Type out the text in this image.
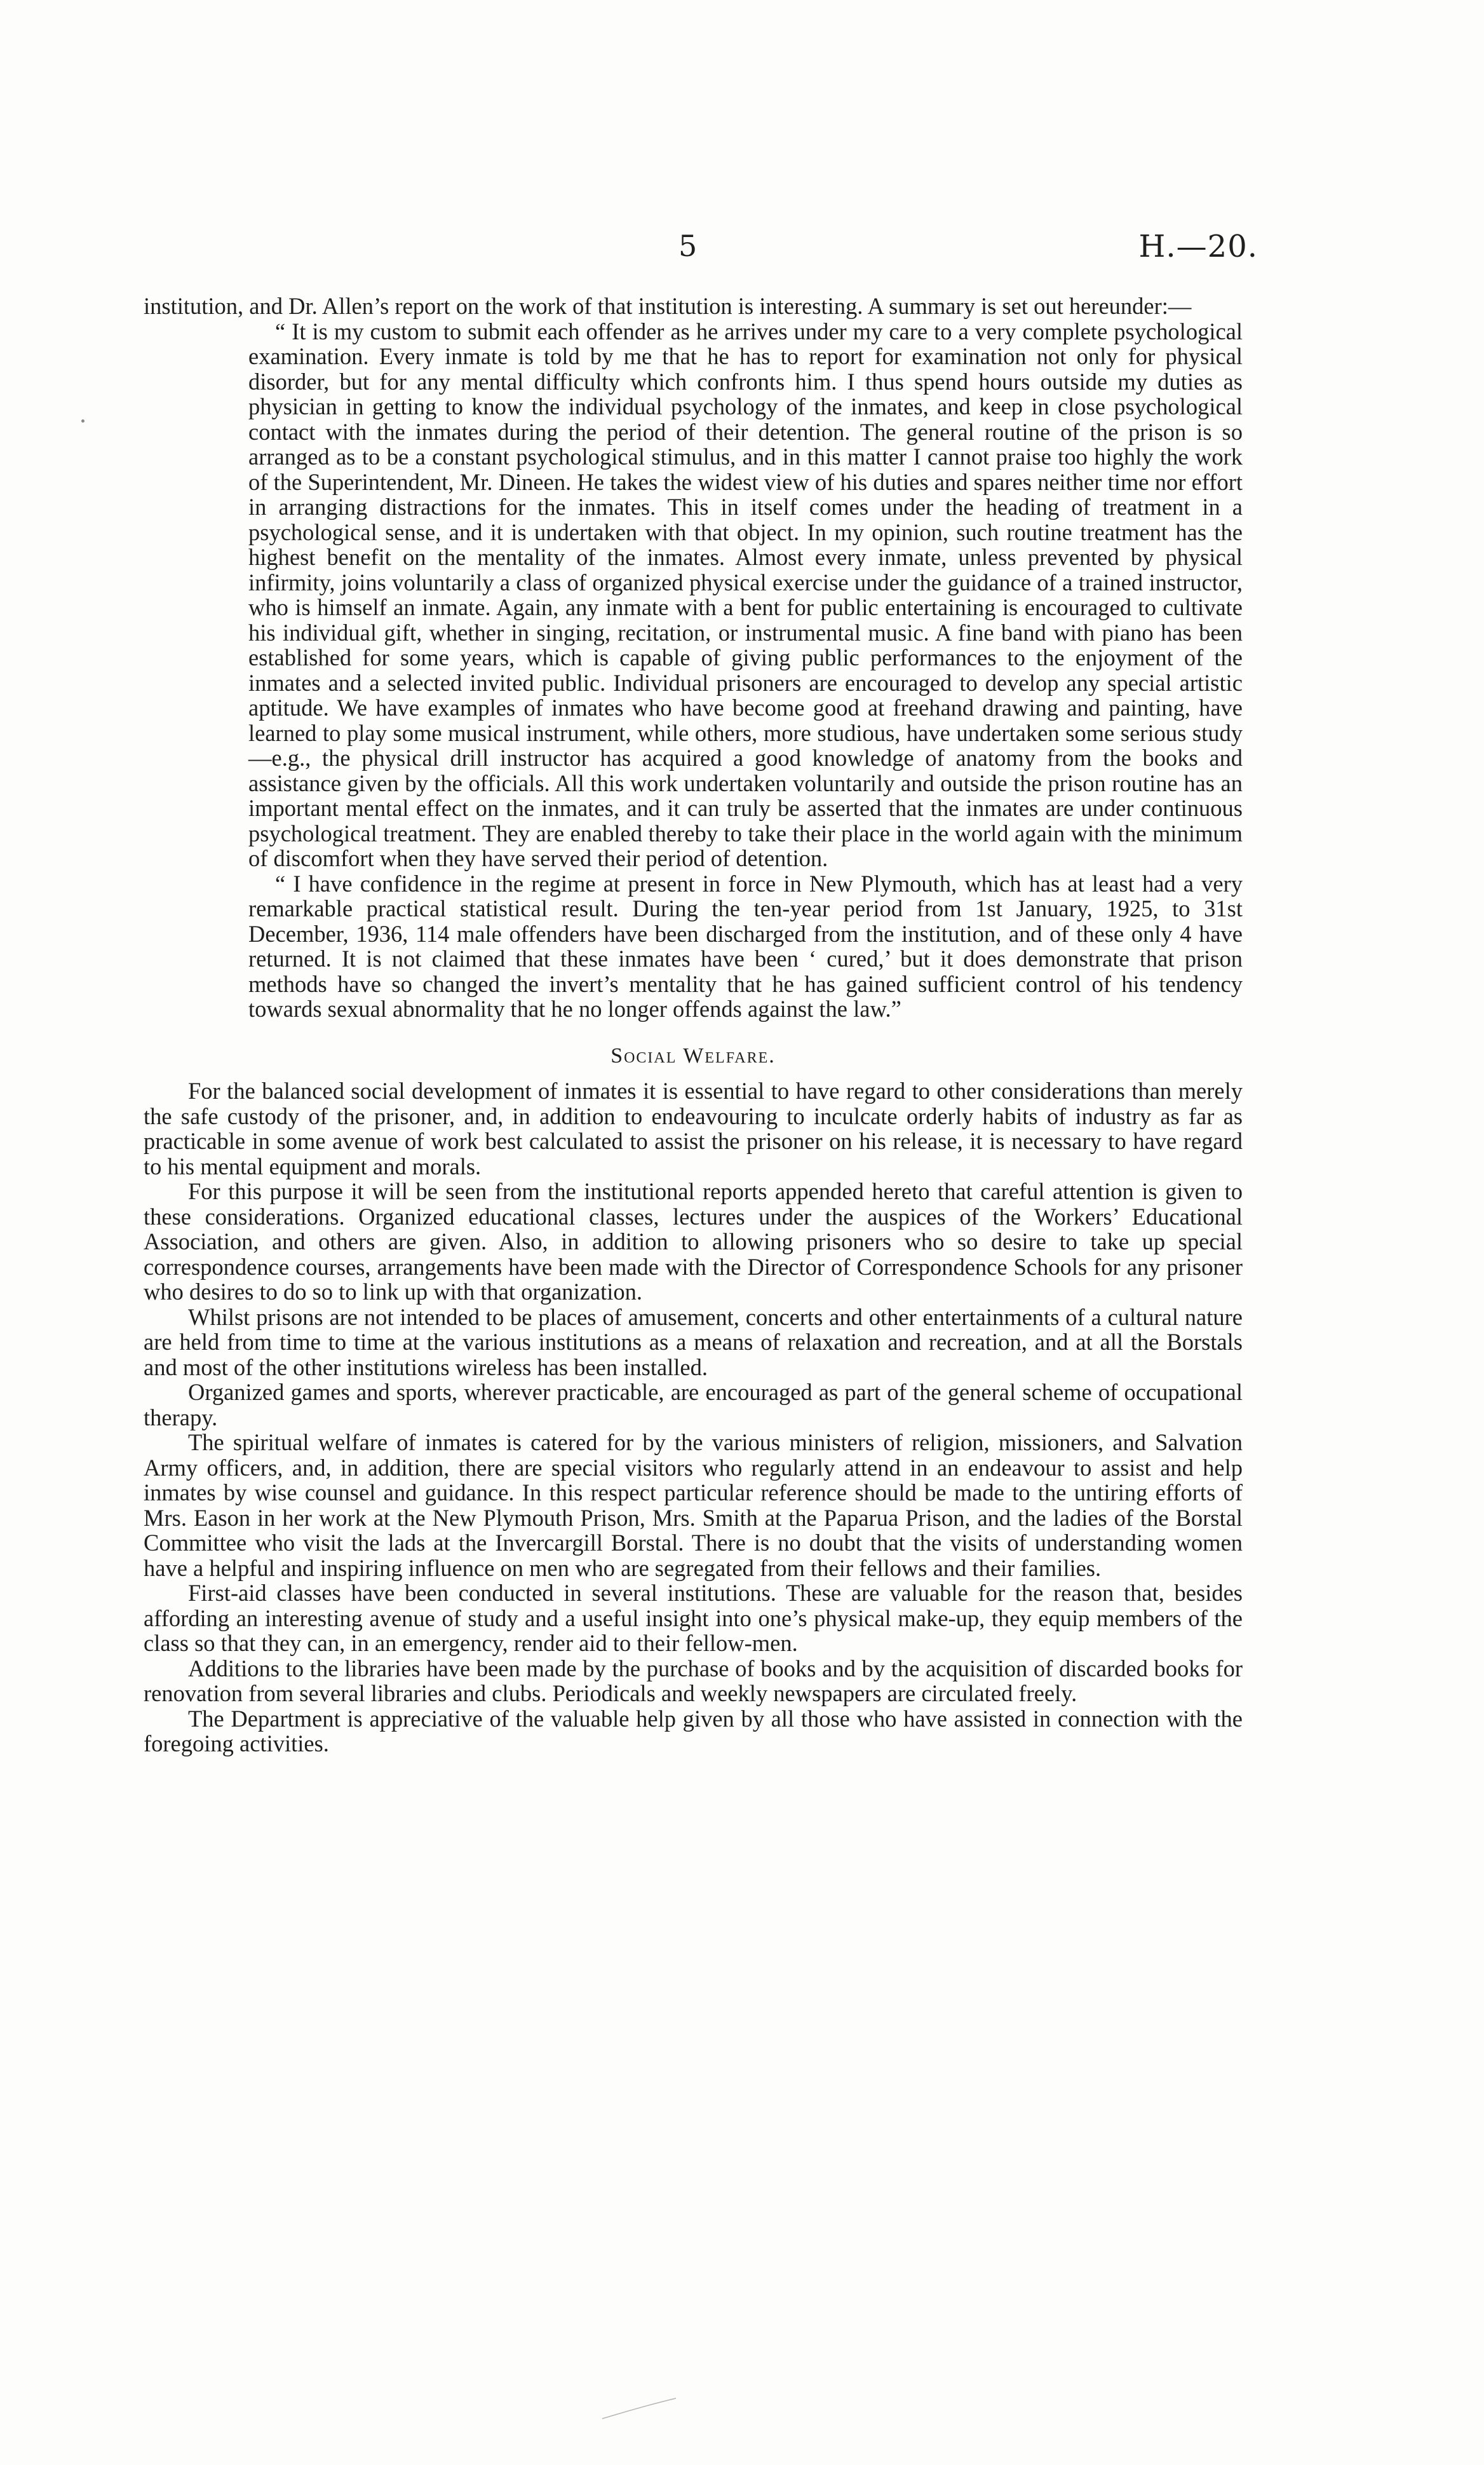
5	H.—20.

institution, and Dr. Allen’s report on the work of that institution is interesting. A summary is set out hereunder:—

“ It is my custom to submit each offender as he arrives under my care to a very complete psychological examination. Every inmate is told by me that he has to report for examination not only for physical disorder, but for any mental difficulty which confronts him. I thus spend hours outside my duties as physician in getting to know the individual psychology of the inmates, and keep in close psychological contact with the inmates during the period of their detention. The general routine of the prison is so arranged as to be a constant psychological stimulus, and in this matter I cannot praise too highly the work of the Superintendent, Mr. Dineen. He takes the widest view of his duties and spares neither time nor effort in arranging distractions for the inmates. This in itself comes under the heading of treatment in a psychological sense, and it is undertaken with that object. In my opinion, such routine treatment has the highest benefit on the mentality of the inmates. Almost every inmate, unless prevented by physical infirmity, joins voluntarily a class of organized physical exercise under the guidance of a trained instructor, who is himself an inmate. Again, any inmate with a bent for public entertaining is encouraged to cultivate his individual gift, whether in singing, recitation, or instrumental music. A fine band with piano has been established for some years, which is capable of giving public performances to the enjoyment of the inmates and a selected invited public. Individual prisoners are encouraged to develop any special artistic aptitude. We have examples of inmates who have become good at freehand drawing and painting, have learned to play some musical instrument, while others, more studious, have undertaken some serious study—e.g., the physical drill instructor has acquired a good knowledge of anatomy from the books and assistance given by the officials. All this work undertaken voluntarily and outside the prison routine has an important mental effect on the inmates, and it can truly be asserted that the inmates are under continuous psychological treatment. They are enabled thereby to take their place in the world again with the minimum of discomfort when they have served their period of detention.

“ I have confidence in the regime at present in force in New Plymouth, which has at least had a very remarkable practical statistical result. During the ten-year period from 1st January, 1925, to 31st December, 1936, 114 male offenders have been discharged from the institution, and of these only 4 have returned. It is not claimed that these inmates have been ‘ cured,’ but it does demonstrate that prison methods have so changed the invert’s mentality that he has gained sufficient control of his tendency towards sexual abnormality that he no longer offends against the law.”

Social Welfare.

For the balanced social development of inmates it is essential to have regard to other considerations than merely the safe custody of the prisoner, and, in addition to endeavouring to inculcate orderly habits of industry as far as practicable in some avenue of work best calculated to assist the prisoner on his release, it is necessary to have regard to his mental equipment and morals.

For this purpose it will be seen from the institutional reports appended hereto that careful attention is given to these considerations. Organized educational classes, lectures under the auspices of the Workers’ Educational Association, and others are given. Also, in addition to allowing prisoners who so desire to take up special correspondence courses, arrangements have been made with the Director of Correspondence Schools for any prisoner who desires to do so to link up with that organization.

Whilst prisons are not intended to be places of amusement, concerts and other entertainments of a cultural nature are held from time to time at the various institutions as a means of relaxation and recreation, and at all the Borstals and most of the other institutions wireless has been installed.

Organized games and sports, wherever practicable, are encouraged as part of the general scheme of occupational therapy.

The spiritual welfare of inmates is catered for by the various ministers of religion, missioners, and Salvation Army officers, and, in addition, there are special visitors who regularly attend in an endeavour to assist and help inmates by wise counsel and guidance. In this respect particular reference should be made to the untiring efforts of Mrs. Eason in her work at the New Plymouth Prison, Mrs. Smith at the Paparua Prison, and the ladies of the Borstal Committee who visit the lads at the Invercargill Borstal. There is no doubt that the visits of understanding women have a helpful and inspiring influence on men who are segregated from their fellows and their families.

First-aid classes have been conducted in several institutions. These are valuable for the reason that, besides affording an interesting avenue of study and a useful insight into one’s physical make-up, they equip members of the class so that they can, in an emergency, render aid to their fellow-men.

Additions to the libraries have been made by the purchase of books and by the acquisition of discarded books for renovation from several libraries and clubs. Periodicals and weekly newspapers are circulated freely.

The Department is appreciative of the valuable help given by all those who have assisted in connection with the foregoing activities.
